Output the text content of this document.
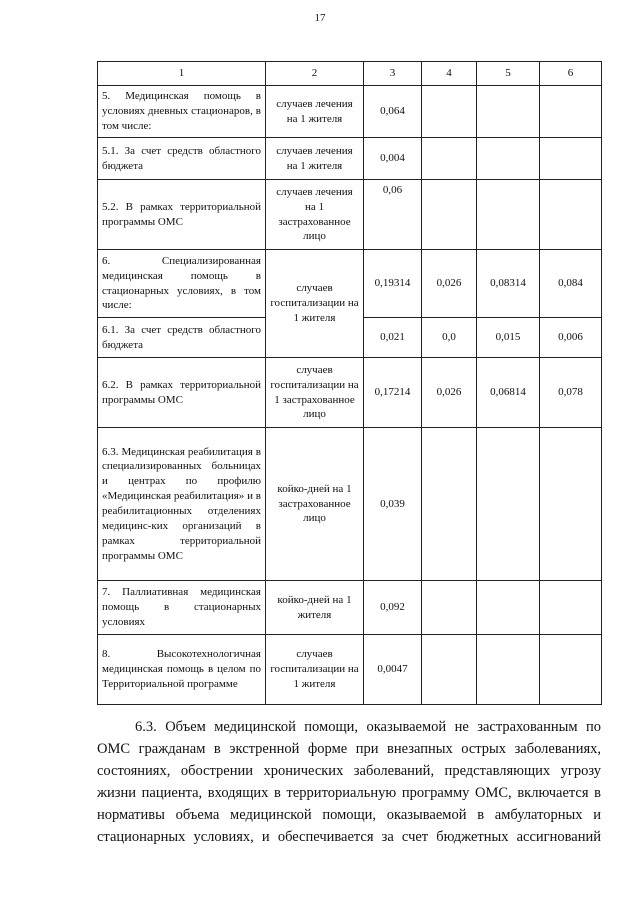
17
1	2	3	4	5	6
5. Медицинская помощь в условиях дневных стационаров, в том числе:	случаев лечения на 1 жителя	0,064			
5.1. За счет средств областного бюджета	случаев лечения на 1 жителя	0,004			
5.2. В рамках территориальной программы ОМС	случаев лечения на 1 застрахованное лицо	0,06			
6. Специализированная медицинская помощь в стационарных условиях, в том числе:	случаев госпитализации на 1 жителя	0,19314	0,026	0,08314	0,084
6.1. За счет средств областного бюджета		0,021	0,0	0,015	0,006
6.2. В рамках территориальной программы ОМС	случаев госпитализации на 1 застрахованное лицо	0,17214	0,026	0,06814	0,078
6.3. Медицинская реабилитация в специализированных больницах и центрах по профилю «Медицинская реабилитация» и в реабилитационных отделениях медицинс-ких организаций в рамках территориальной программы ОМС	койко-дней на 1 застрахованное лицо	0,039			
7. Паллиативная медицинская помощь в стационарных условиях	койко-дней на 1 жителя	0,092			
8. Высокотехнологичная медицинская помощь в целом по Территориальной программе	случаев госпитализации на 1 жителя	0,0047			
6.3. Объем медицинской помощи, оказываемой не застрахованным по ОМС гражданам в экстренной форме при внезапных острых заболеваниях, состояниях, обострении хронических заболеваний, представляющих угрозу жизни пациента, входящих в территориальную программу ОМС, включается в нормативы объема медицинской помощи, оказываемой в амбулаторных и стационарных условиях, и обеспечивается за счет бюджетных ассигнований
